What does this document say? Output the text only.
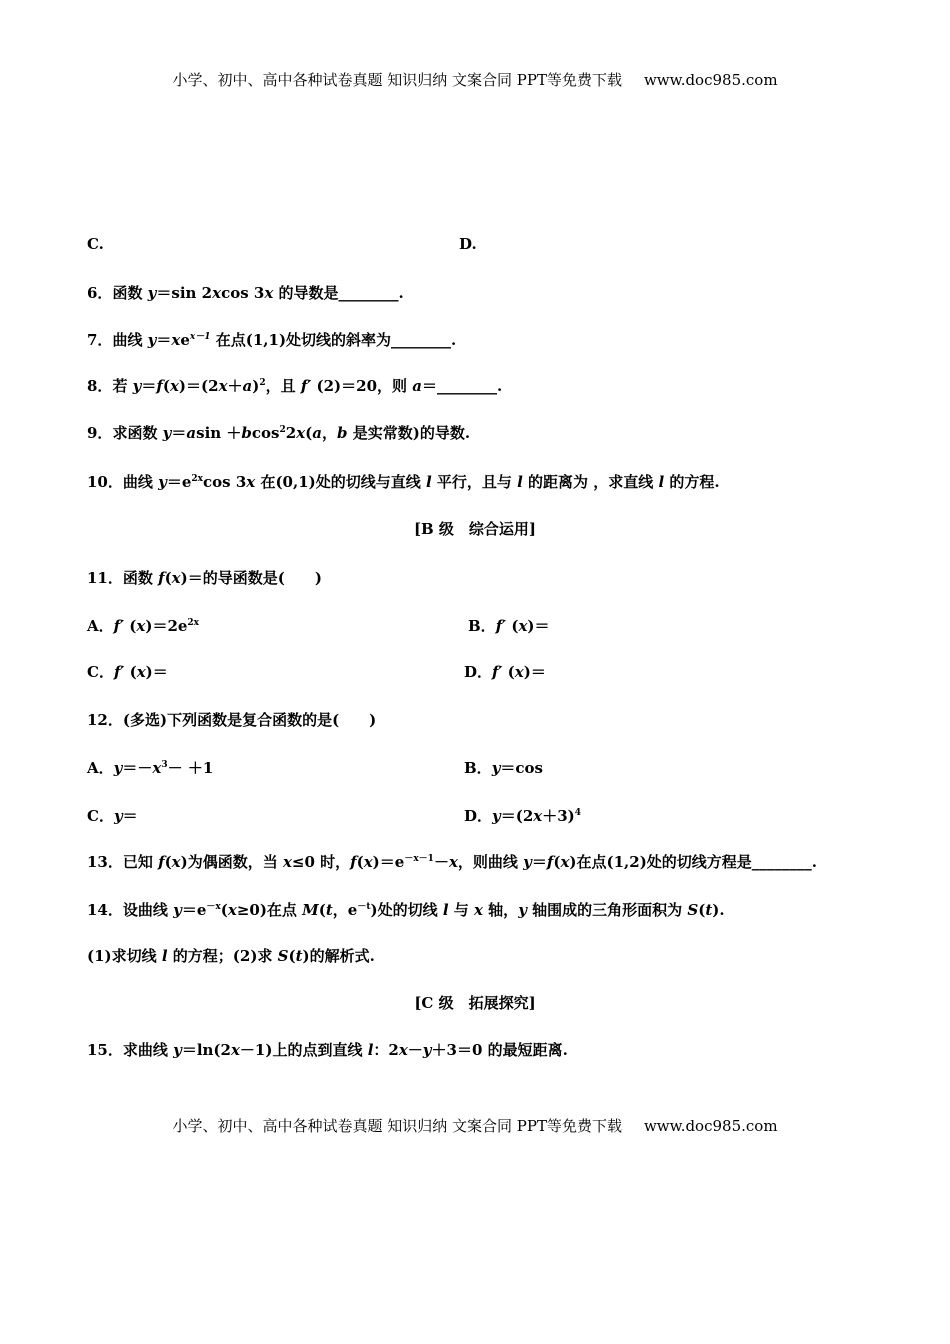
小学、初中、高中各种试卷真题 知识归纳 文案合同 PPT等免费下载 www.doc985.com
C.	D.
6．函数 y＝sin 2xcos 3x 的导数是________.
7．曲线 $y=xe^{x-1}$ 在点(1,1)处切线的斜率为________.
8．若 $y=f(x)=(2x+a)^2$，且 f′ (2)＝20，则 a＝________.
9．求函数 y＝asin ＋bcos$^2$2x(a，b 是实常数)的导数.
10．曲线 $y=e^{2x}\cos$ 3x 在(0,1)处的切线与直线 l 平行，且与 l 的距离为 ，求直线 l 的方程.
[B 级　综合运用]
11．函数 f(x)＝的导函数是(　　)
A．f′ $(x)=2e^{2x}$	B．f′ (x)＝
C．f′ (x)＝	D．f′ (x)＝
12．(多选)下列函数是复合函数的是(　　)
A．$y=-x^3- +1$	B．y＝cos
C．y＝	D．$y=(2x+3)^4$
13．已知 f(x)为偶函数，当 x≤0 时，$f(x)=e^{-x-1}-x$，则曲线 y＝f(x)在点(1,2)处的切线方程是________.
14．设曲线 $y=e^{-x}(x\ge 0)$在点 M(t，$e^{-t}$)处的切线 l 与 x 轴，y 轴围成的三角形面积为 S(t).
(1)求切线 l 的方程；(2)求 S(t)的解析式.
[C 级　拓展探究]
15．求曲线 y＝ln(2x－1)上的点到直线 l：2x－y＋3＝0 的最短距离.
小学、初中、高中各种试卷真题 知识归纳 文案合同 PPT等免费下载 www.doc985.com
